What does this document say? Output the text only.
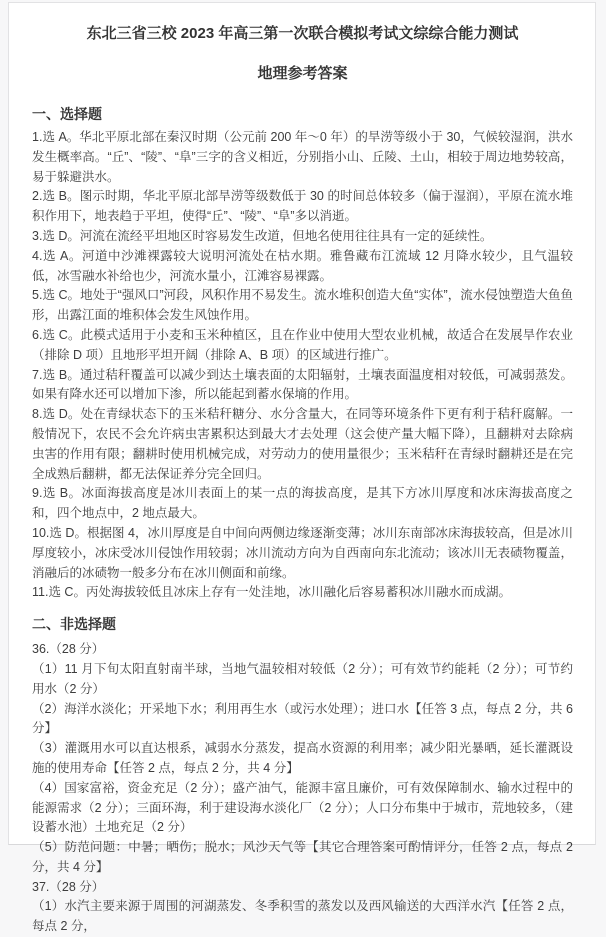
东北三省三校 2023 年高三第一次联合模拟考试文综综合能力测试
地理参考答案
一、选择题

1.选 A。华北平原北部在秦汉时期（公元前 200 年～0 年）的旱涝等级小于 30，气候较湿润，洪水发生概率高。“丘”、“陵”、“阜”三字的含义相近，分别指小山、丘陵、土山，相较于周边地势较高，易于躲避洪水。

2.选 B。图示时期，华北平原北部旱涝等级数低于 30 的时间总体较多（偏于湿润），平原在流水堆积作用下，地表趋于平坦，使得“丘”、“陵”、“阜”多以消逝。

3.选 D。河流在流经平坦地区时容易发生改道，但地名使用往往具有一定的延续性。

4.选 A。河道中沙滩裸露较大说明河流处在枯水期。雅鲁藏布江流域 12 月降水较少，且气温较低，冰雪融水补给也少，河流水量小，江滩容易裸露。

5.选 C。地处于“强风口”河段，风积作用不易发生。流水堆积创造大鱼“实体”，流水侵蚀塑造大鱼鱼形，出露江面的堆积体会发生风蚀作用。

6.选 C。此模式适用于小麦和玉米种植区，且在作业中使用大型农业机械，故适合在发展旱作农业（排除 D 项）且地形平坦开阔（排除 A、B 项）的区域进行推广。

7.选 B。通过秸秆覆盖可以减少到达土壤表面的太阳辐射，土壤表面温度相对较低，可减弱蒸发。如果有降水还可以增加下渗，所以能起到蓄水保墒的作用。

8.选 D。处在青绿状态下的玉米秸秆糖分、水分含量大，在同等环境条件下更有利于秸秆腐解。一般情况下，农民不会允许病虫害累积达到最大才去处理（这会使产量大幅下降），且翻耕对去除病虫害的作用有限；翻耕时使用机械完成，对劳动力的使用量很少；玉米秸秆在青绿时翻耕还是在完全成熟后翻耕，都无法保证养分完全回归。

9.选 B。冰面海拔高度是冰川表面上的某一点的海拔高度，是其下方冰川厚度和冰床海拔高度之和，四个地点中，2 地点最大。

10.选 D。根据图 4，冰川厚度是自中间向两侧边缘逐渐变薄；冰川东南部冰床海拔较高，但是冰川厚度较小，冰床受冰川侵蚀作用较弱；冰川流动方向为自西南向东北流动；该冰川无表碛物覆盖，消融后的冰碛物一般多分布在冰川侧面和前缘。

11.选 C。丙处海拔较低且冰床上存有一处洼地，冰川融化后容易蓄积冰川融水而成湖。

二、非选择题

36.（28 分）

（1）11 月下旬太阳直射南半球，当地气温较相对较低（2 分）；可有效节约能耗（2 分）；可节约用水（2 分）

（2）海洋水淡化；开采地下水；利用再生水（或污水处理）；进口水【任答 3 点，每点 2 分，共 6 分】

（3）灌溉用水可以直达根系，减弱水分蒸发，提高水资源的利用率；减少阳光暴晒，延长灌溉设施的使用寿命【任答 2 点，每点 2 分，共 4 分】

（4）国家富裕，资金充足（2 分）；盛产油气，能源丰富且廉价，可有效保障制水、输水过程中的能源需求（2 分）；三面环海，利于建设海水淡化厂（2 分）；人口分布集中于城市，荒地较多，（建设蓄水池）土地充足（2 分）

（5）防范问题：中暑；晒伤；脱水；风沙天气等【其它合理答案可酌情评分，任答 2 点，每点 2 分，共 4 分】

37.（28 分）

（1）水汽主要来源于周围的河湖蒸发、冬季积雪的蒸发以及西风输送的大西洋水汽【任答 2 点，每点 2 分，
